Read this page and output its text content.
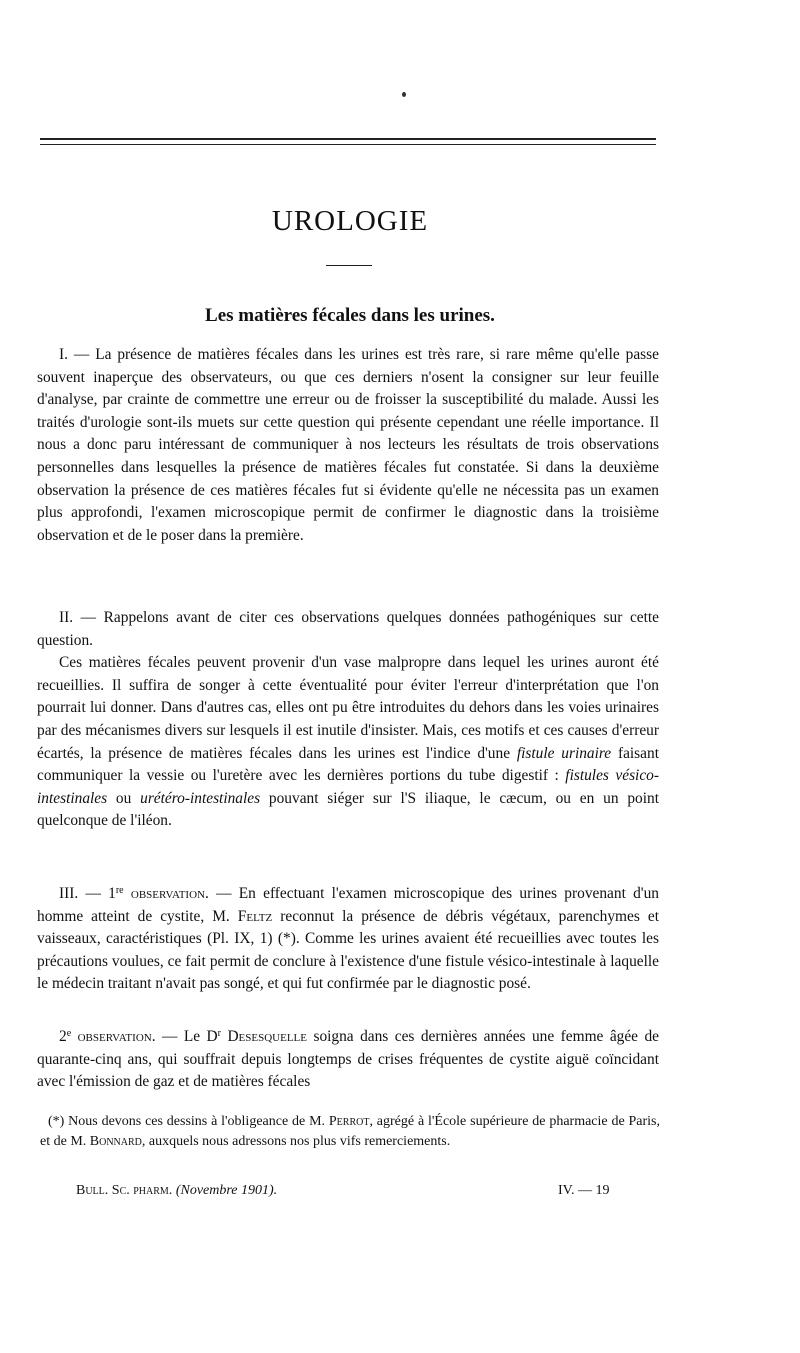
UROLOGIE
Les matières fécales dans les urines.

I. — La présence de matières fécales dans les urines est très rare, si rare même qu'elle passe souvent inaperçue des observateurs, ou que ces derniers n'osent la consigner sur leur feuille d'analyse, par crainte de commettre une erreur ou de froisser la susceptibilité du malade. Aussi les traités d'urologie sont-ils muets sur cette question qui présente cependant une réelle importance. Il nous a donc paru intéressant de communiquer à nos lecteurs les résultats de trois observations personnelles dans lesquelles la présence de matières fécales fut constatée. Si dans la deuxième observation la présence de ces matières fécales fut si évidente qu'elle ne nécessita pas un examen plus approfondi, l'examen microscopique permit de confirmer le diagnostic dans la troisième observation et de le poser dans la première.

II. — Rappelons avant de citer ces observations quelques données pathogéniques sur cette question.

Ces matières fécales peuvent provenir d'un vase malpropre dans lequel les urines auront été recueillies. Il suffira de songer à cette éventualité pour éviter l'erreur d'interprétation que l'on pourrait lui donner. Dans d'autres cas, elles ont pu être introduites du dehors dans les voies urinaires par des mécanismes divers sur lesquels il est inutile d'insister. Mais, ces motifs et ces causes d'erreur écartés, la présence de matières fécales dans les urines est l'indice d'une fistule urinaire faisant communiquer la vessie ou l'uretère avec les dernières portions du tube digestif : fistules vésico-intestinales ou urétéro-intestinales pouvant siéger sur l'S iliaque, le cæcum, ou en un point quelconque de l'iléon.

III. — 1re observation. — En effectuant l'examen microscopique des urines provenant d'un homme atteint de cystite, M. Feltz reconnut la présence de débris végétaux, parenchymes et vaisseaux, caractéristiques (Pl. IX, 1) (*). Comme les urines avaient été recueillies avec toutes les précautions voulues, ce fait permit de conclure à l'existence d'une fistule vésico-intestinale à laquelle le médecin traitant n'avait pas songé, et qui fut confirmée par le diagnostic posé.

2e observation. — Le $D^r$ Desesquelle soigna dans ces dernières années une femme âgée de quarante-cinq ans, qui souffrait depuis longtemps de crises fréquentes de cystite aiguë coïncidant avec l'émission de gaz et de matières fécales

(*) Nous devons ces dessins à l'obligeance de M. Perrot, agrégé à l'École supérieure de pharmacie de Paris, et de M. Bonnard, auxquels nous adressons nos plus vifs remerciements.
Bull. Sc. pharm. (Novembre 1901).	IV. — 19
